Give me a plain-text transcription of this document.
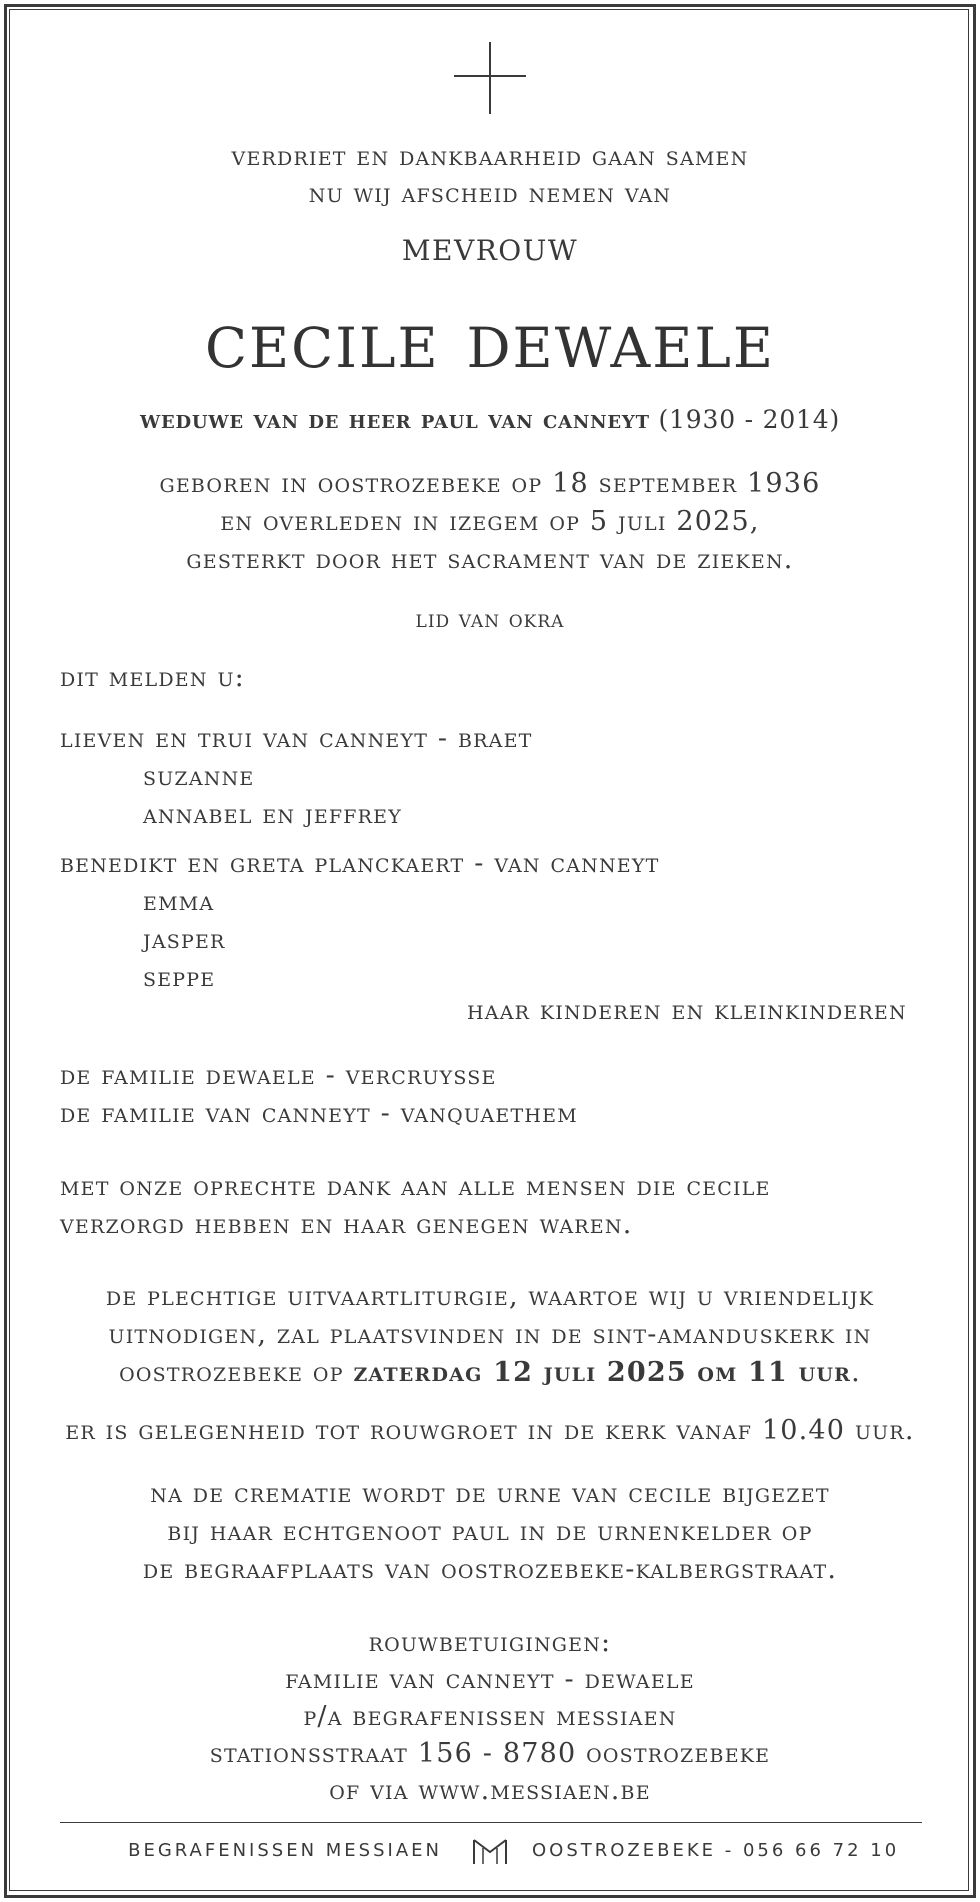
verdriet en dankbaarheid gaan samen
nu wij afscheid nemen van
MEVROUW
cecile dewaele
weduwe van de heer paul van canneyt (1930 - 2014)
geboren in oostrozebeke op 18 september 1936
en overleden in izegem op 5 juli 2025,
gesterkt door het sacrament van de zieken.
lid van okra
dit melden u:
lieven en trui van canneyt - braet
suzanne
annabel en jeffrey
benedikt en greta planckaert - van canneyt
emma
jasper
seppe
haar kinderen en kleinkinderen
de familie dewaele - vercruysse
de familie van canneyt - vanquaethem
met onze oprechte dank aan alle mensen die cecile
verzorgd hebben en haar genegen waren.
de plechtige uitvaartliturgie, waartoe wij u vriendelijk
uitnodigen, zal plaatsvinden in de sint-amanduskerk in
oostrozebeke op zaterdag 12 juli 2025 om 11 uur.
er is gelegenheid tot rouwgroet in de kerk vanaf 10.40 uur.
na de crematie wordt de urne van cecile bijgezet
bij haar echtgenoot paul in de urnenkelder op
de begraafplaats van oostrozebeke-kalbergstraat.
rouwbetuigingen:
familie van canneyt - dewaele
p/a begrafenissen messiaen
stationsstraat 156 - 8780 oostrozebeke
of via www.messiaen.be
BEGRAFENISSEN MESSIAEN	OOSTROZEBEKE - 056 66 72 10
